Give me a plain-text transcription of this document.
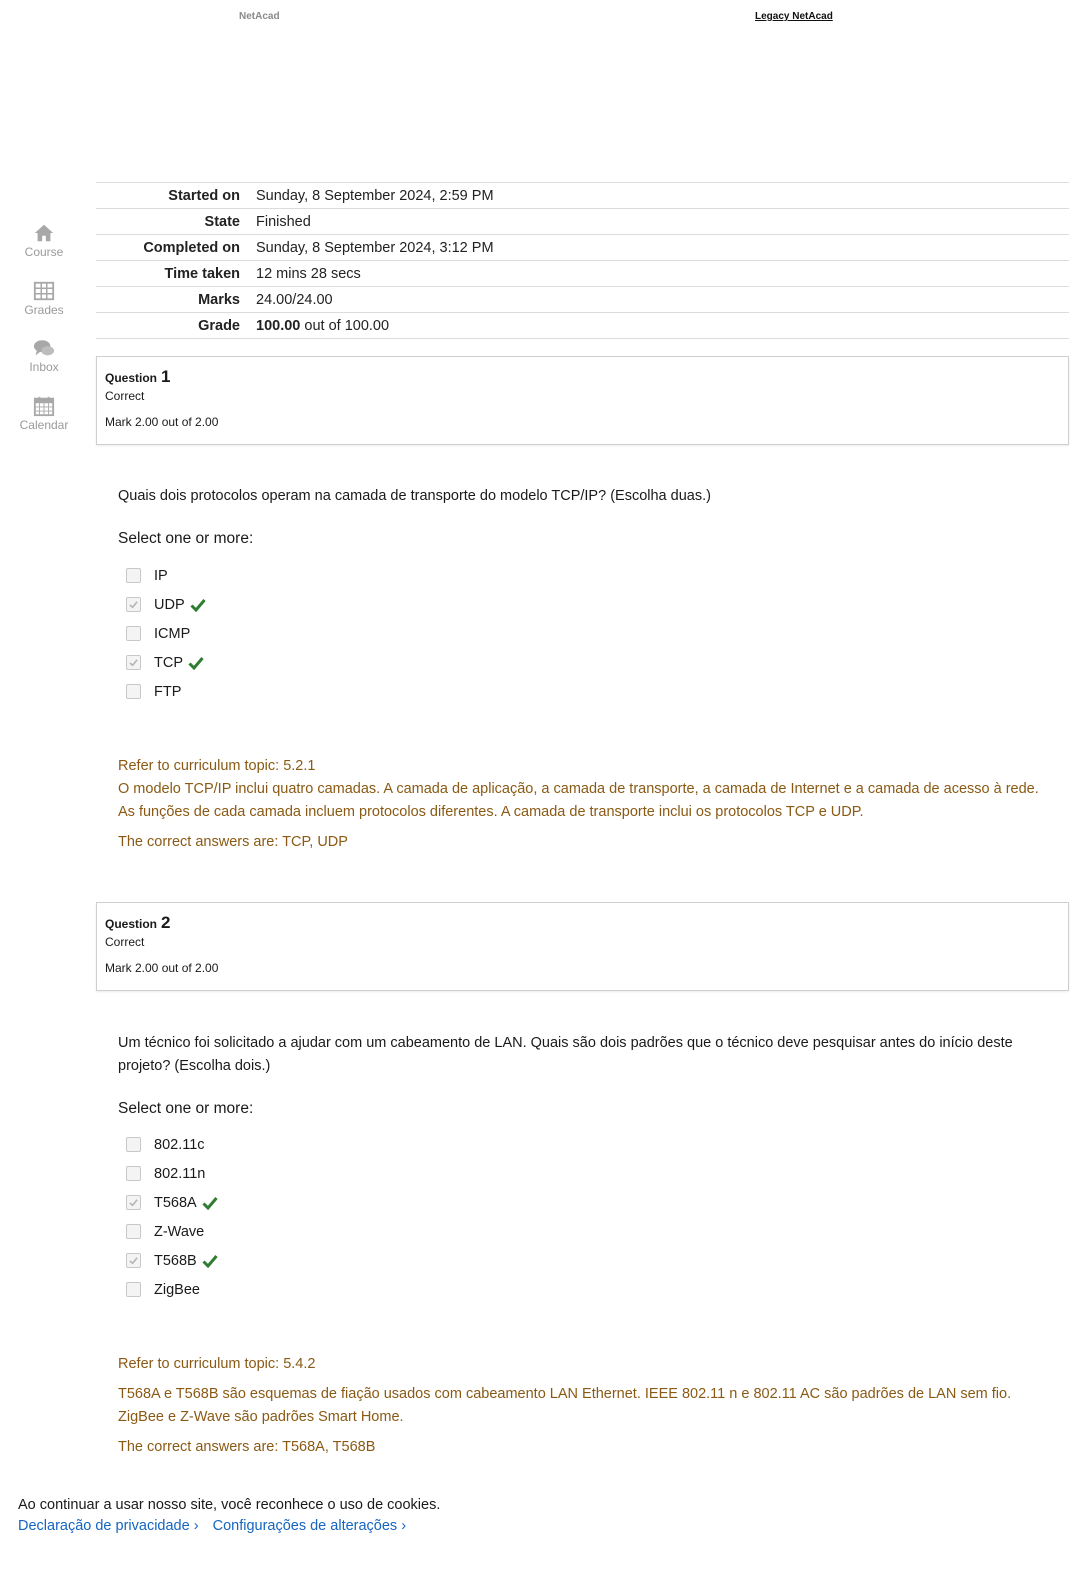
NetAcad	Legacy NetAcad
Course
Grades
Inbox
Calendar
Started on	Sunday, 8 September 2024, 2:59 PM
State	Finished
Completed on	Sunday, 8 September 2024, 3:12 PM
Time taken	12 mins 28 secs
Marks	24.00/24.00
Grade	100.00 out of 100.00
Question 1
Correct
Mark 2.00 out of 2.00
Quais dois protocolos operam na camada de transporte do modelo TCP/IP? (Escolha duas.)
Select one or more:
IP
UDP
ICMP
TCP
FTP
Refer to curriculum topic: 5.2.1
O modelo TCP/IP inclui quatro camadas. A camada de aplicação, a camada de transporte, a camada de Internet e a camada de acesso à rede. As funções de cada camada incluem protocolos diferentes. A camada de transporte inclui os protocolos TCP e UDP.
The correct answers are: TCP, UDP
Question 2
Correct
Mark 2.00 out of 2.00
Um técnico foi solicitado a ajudar com um cabeamento de LAN. Quais são dois padrões que o técnico deve pesquisar antes do início deste projeto? (Escolha dois.)
Select one or more:
802.11c
802.11n
T568A
Z-Wave
T568B
ZigBee
Refer to curriculum topic: 5.4.2
T568A e T568B são esquemas de fiação usados com cabeamento LAN Ethernet. IEEE 802.11 n e 802.11 AC são padrões de LAN sem fio. ZigBee e Z-Wave são padrões Smart Home.
The correct answers are: T568A, T568B
Ao continuar a usar nosso site, você reconhece o uso de cookies.
Declaração de privacidade › Configurações de alterações ›
